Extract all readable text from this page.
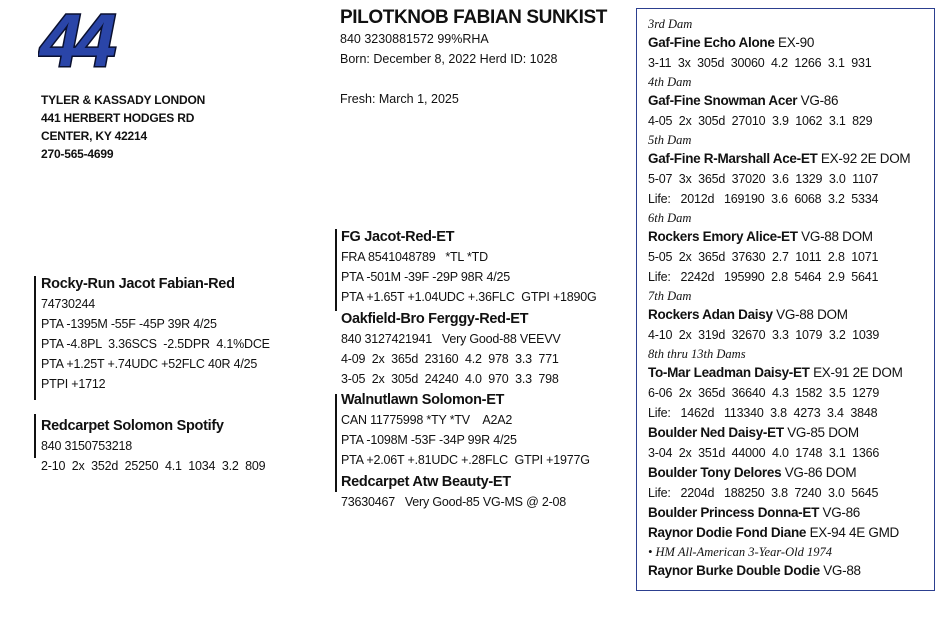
44
TYLER & KASSADY LONDON
441 HERBERT HODGES RD
CENTER, KY 42214
270-565-4699
PILOTKNOB FABIAN SUNKIST
840 3230881572 99%RHA
Born: December 8, 2022 Herd ID: 1028
Fresh: March 1, 2025
Rocky-Run Jacot Fabian-Red
74730244
PTA -1395M -55F -45P 39R 4/25
PTA -4.8PL  3.36SCS  -2.5DPR  4.1%DCE
PTA +1.25T +.74UDC +52FLC 40R 4/25
PTPI +1712
Redcarpet Solomon Spotify
840 3150753218
2-10  2x  352d  25250  4.1  1034  3.2  809
FG Jacot-Red-ET
FRA 8541048789   *TL *TD
PTA -501M -39F -29P 98R 4/25
PTA +1.65T +1.04UDC +.36FLC  GTPI +1890G
Oakfield-Bro Ferggy-Red-ET
840 3127421941   Very Good-88 VEEVV
4-09  2x  365d  23160  4.2  978  3.3  771
3-05  2x  305d  24240  4.0  970  3.3  798
Walnutlawn Solomon-ET
CAN 11775998 *TY *TV    A2A2
PTA -1098M -53F -34P 99R 4/25
PTA +2.06T +.81UDC +.28FLC  GTPI +1977G
Redcarpet Atw Beauty-ET
73630467   Very Good-85 VG-MS @ 2-08
3rd Dam
Gaf-Fine Echo Alone EX-90
3-11  3x  305d  30060  4.2  1266  3.1  931
4th Dam
Gaf-Fine Snowman Acer VG-86
4-05  2x  305d  27010  3.9  1062  3.1  829
5th Dam
Gaf-Fine R-Marshall Ace-ET EX-92 2E DOM
5-07  3x  365d  37020  3.6  1329  3.0  1107
Life:   2012d   169190  3.6  6068  3.2  5334
6th Dam
Rockers Emory Alice-ET VG-88 DOM
5-05  2x  365d  37630  2.7  1011  2.8  1071
Life:   2242d   195990  2.8  5464  2.9  5641
7th Dam
Rockers Adan Daisy VG-88 DOM
4-10  2x  319d  32670  3.3  1079  3.2  1039
8th thru 13th Dams
To-Mar Leadman Daisy-ET EX-91 2E DOM
6-06  2x  365d  36640  4.3  1582  3.5  1279
Life:   1462d   113340  3.8  4273  3.4  3848
Boulder Ned Daisy-ET VG-85 DOM
3-04  2x  351d  44000  4.0  1748  3.1  1366
Boulder Tony Delores VG-86 DOM
Life:   2204d   188250  3.8  7240  3.0  5645
Boulder Princess Donna-ET VG-86
Raynor Dodie Fond Diane EX-94 4E GMD
• HM All-American 3-Year-Old 1974
Raynor Burke Double Dodie VG-88
